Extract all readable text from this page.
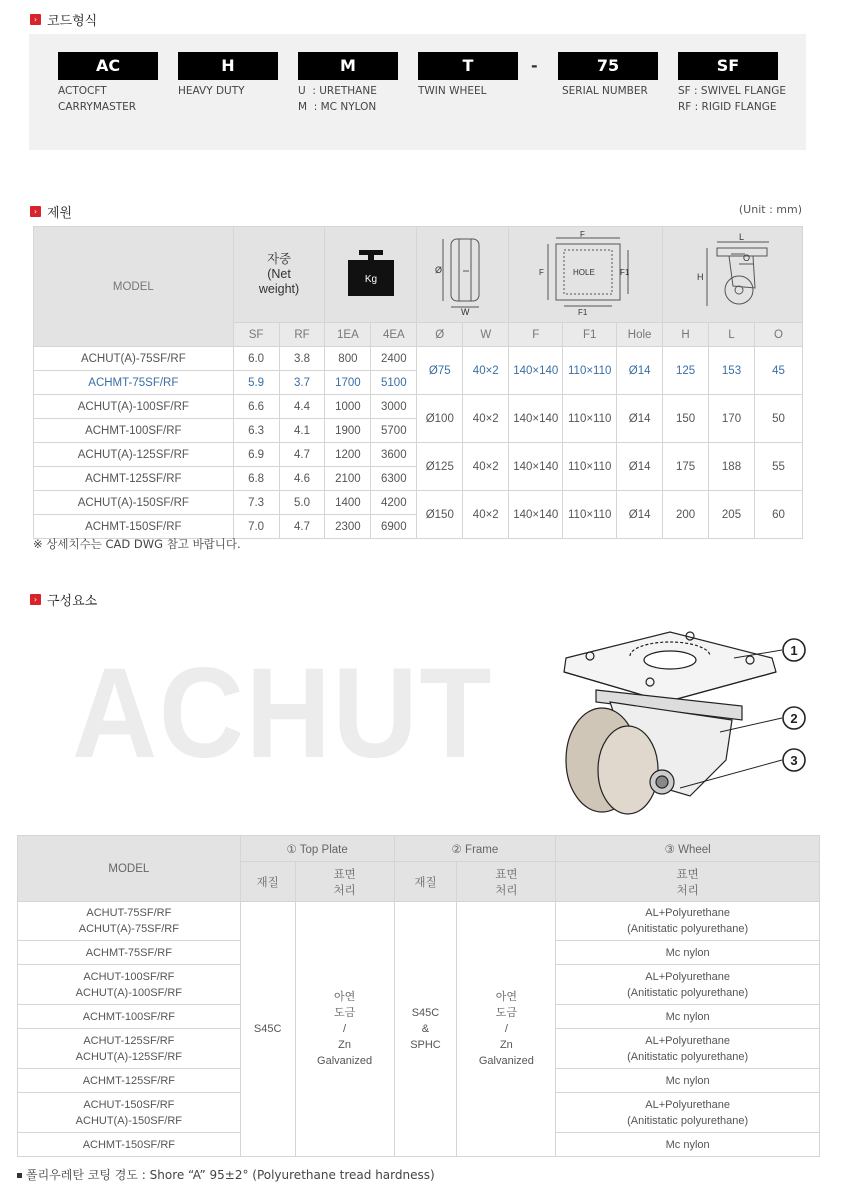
› 코드형식
AC
ACTOCFT
CARRYMASTER
H
HEAVY DUTY
M
U  : URETHANE
M  : MC NYLON
T
TWIN WHEEL
-	75
SERIAL NUMBER
SF
SF : SWIVEL FLANGE
RF : RIGID FLANGE
› 제원	(Unit : mm)
MODEL	자중
(Net
weight)		Kg		Ø
W		F
HOLE
F F1
F1			L
O
H		

	SF	RF	1EA	4EA	Ø	W	F	F1	Hole	H	L	O
ACHUT(A)-75SF/RF	6.0	3.8	800	2400	Ø75	40×2	140×140	110×110	Ø14	125	153	45
ACHMT-75SF/RF	5.9	3.7	1700	5100								
ACHUT(A)-100SF/RF	6.6	4.4	1000	3000	Ø100	40×2	140×140	110×110	Ø14	150	170	50
ACHMT-100SF/RF	6.3	4.1	1900	5700								
ACHUT(A)-125SF/RF	6.9	4.7	1200	3600	Ø125	40×2	140×140	110×110	Ø14	175	188	55
ACHMT-125SF/RF	6.8	4.6	2100	6300								
ACHUT(A)-150SF/RF	7.3	5.0	1400	4200	Ø150	40×2	140×140	110×110	Ø14	200	205	60
ACHMT-150SF/RF	7.0	4.7	2300	6900								
※ 상세치수는 CAD DWG 참고 바랍니다.
› 구성요소
ACHUT	1
2
3
MODEL	① Top Plate		② Frame		③ Wheel
	재질	표면
처리	재질	표면
처리	표면
처리
ACHUT-75SF/RF
ACHUT(A)-75SF/RF	S45C	아연
도금
/
Zn
Galvanized	S45C
&
SPHC	아연
도금
/
Zn
Galvanized	AL+Polyurethane
(Anitistatic polyurethane)
ACHMT-75SF/RF					Mc nylon
ACHUT-100SF/RF
ACHUT(A)-100SF/RF					AL+Polyurethane
(Anitistatic polyurethane)
ACHMT-100SF/RF					Mc nylon
ACHUT-125SF/RF
ACHUT(A)-125SF/RF					AL+Polyurethane
(Anitistatic polyurethane)
ACHMT-125SF/RF					Mc nylon
ACHUT-150SF/RF
ACHUT(A)-150SF/RF					AL+Polyurethane
(Anitistatic polyurethane)
ACHMT-150SF/RF					Mc nylon
폴리우레탄 코팅 경도 : Shore “A” 95±2° (Polyurethane tread hardness)
